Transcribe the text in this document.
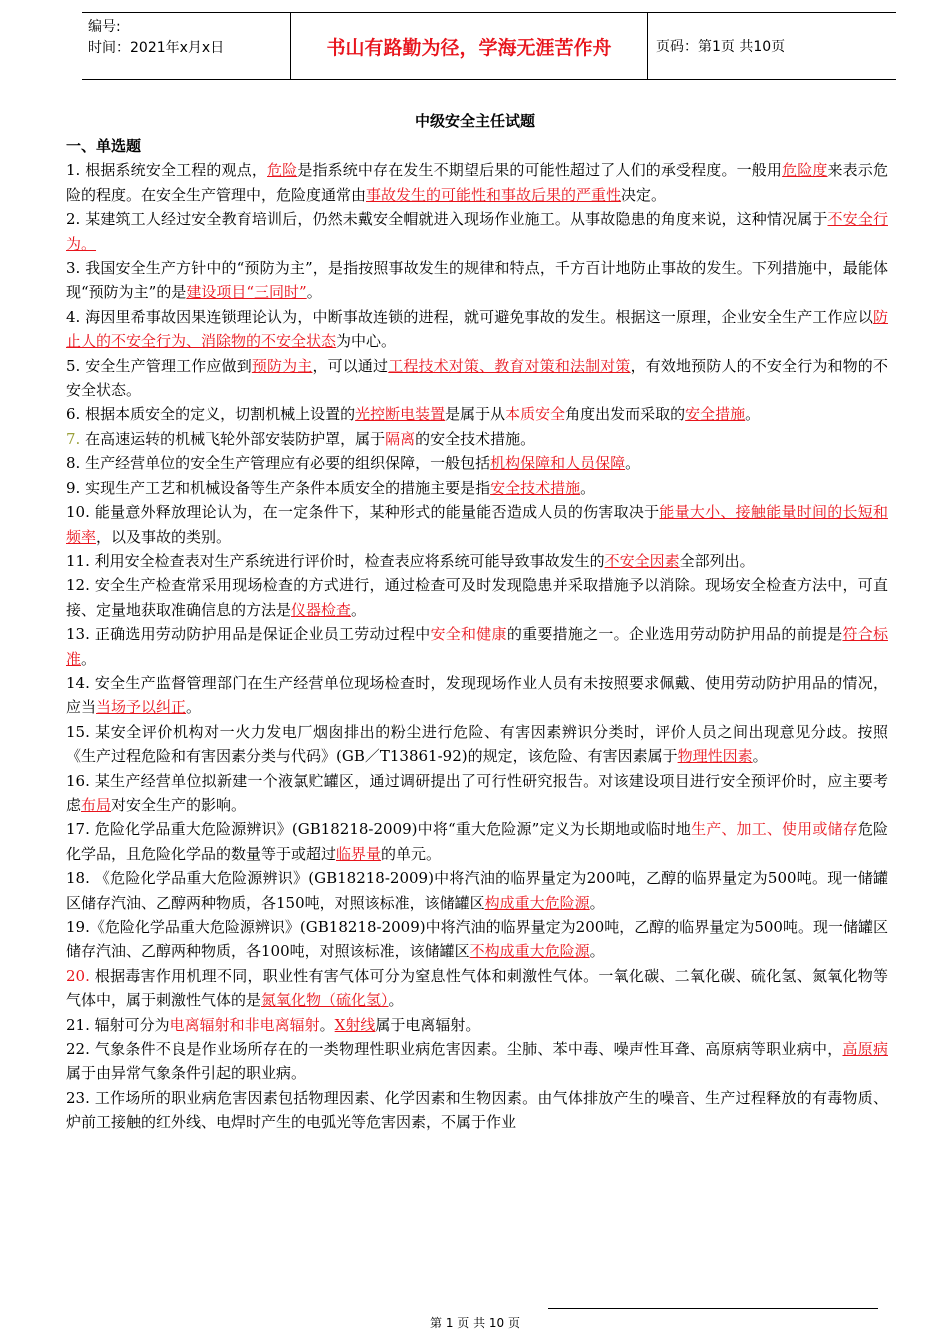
编号:
时间：2021年x月x日	书山有路勤为径，学海无涯苦作舟	页码：第1页 共10页
中级安全主任试题

一、单选题

1. 根据系统安全工程的观点，危险是指系统中存在发生不期望后果的可能性超过了人们的承受程度。一般用危险度来表示危险的程度。在安全生产管理中，危险度通常由事故发生的可能性和事故后果的严重性决定。

2. 某建筑工人经过安全教育培训后，仍然未戴安全帽就进入现场作业施工。从事故隐患的角度来说，这种情况属于不安全行为。

3. 我国安全生产方针中的“预防为主”，是指按照事故发生的规律和特点，千方百计地防止事故的发生。下列措施中，最能体现“预防为主”的是建设项目“三同时”。

4. 海因里希事故因果连锁理论认为，中断事故连锁的进程，就可避免事故的发生。根据这一原理，企业安全生产工作应以防止人的不安全行为、消除物的不安全状态为中心。

5. 安全生产管理工作应做到预防为主，可以通过工程技术对策、教育对策和法制对策，有效地预防人的不安全行为和物的不安全状态。

6. 根据本质安全的定义，切割机械上设置的光控断电装置是属于从本质安全角度出发而采取的安全措施。

7. 在高速运转的机械飞轮外部安装防护罩，属于隔离的安全技术措施。

8. 生产经营单位的安全生产管理应有必要的组织保障，一般包括机构保障和人员保障。

9. 实现生产工艺和机械设备等生产条件本质安全的措施主要是指安全技术措施。

10. 能量意外释放理论认为，在一定条件下，某种形式的能量能否造成人员的伤害取决于能量大小、接触能量时间的长短和频率，以及事故的类别。

11. 利用安全检查表对生产系统进行评价时，检查表应将系统可能导致事故发生的不安全因素全部列出。

12. 安全生产检查常采用现场检查的方式进行，通过检查可及时发现隐患并采取措施予以消除。现场安全检查方法中，可直接、定量地获取准确信息的方法是仪器检查。

13. 正确选用劳动防护用品是保证企业员工劳动过程中安全和健康的重要措施之一。企业选用劳动防护用品的前提是符合标准。

14. 安全生产监督管理部门在生产经营单位现场检查时，发现现场作业人员有未按照要求佩戴、使用劳动防护用品的情况，应当当场予以纠正。

15. 某安全评价机构对一火力发电厂烟囱排出的粉尘进行危险、有害因素辨识分类时，评价人员之间出现意见分歧。按照《生产过程危险和有害因素分类与代码》(GB／T13861-92)的规定，该危险、有害因素属于物理性因素。

16. 某生产经营单位拟新建一个液氯贮罐区，通过调研提出了可行性研究报告。对该建设项目进行安全预评价时，应主要考虑布局对安全生产的影响。

17. 危险化学品重大危险源辨识》(GB18218-2009)中将“重大危险源”定义为长期地或临时地生产、加工、使用或储存危险化学品，且危险化学品的数量等于或超过临界量的单元。

18. 《危险化学品重大危险源辨识》(GB18218-2009)中将汽油的临界量定为200吨，乙醇的临界量定为500吨。现一储罐区储存汽油、乙醇两种物质，各150吨，对照该标准，该储罐区构成重大危险源。

19.《危险化学品重大危险源辨识》(GB18218-2009)中将汽油的临界量定为200吨，乙醇的临界量定为500吨。现一储罐区储存汽油、乙醇两种物质，各100吨，对照该标准，该储罐区不构成重大危险源。

20. 根据毒害作用机理不同，职业性有害气体可分为窒息性气体和刺激性气体。一氧化碳、二氧化碳、硫化氢、氮氧化物等气体中，属于刺激性气体的是氮氧化物（硫化氢）。

21. 辐射可分为电离辐射和非电离辐射。X射线属于电离辐射。

22. 气象条件不良是作业场所存在的一类物理性职业病危害因素。尘肺、苯中毒、噪声性耳聋、高原病等职业病中，高原病属于由异常气象条件引起的职业病。

23. 工作场所的职业病危害因素包括物理因素、化学因素和生物因素。由气体排放产生的噪音、生产过程释放的有毒物质、炉前工接触的红外线、电焊时产生的电弧光等危害因素，不属于作业

第 1 页 共 10 页
